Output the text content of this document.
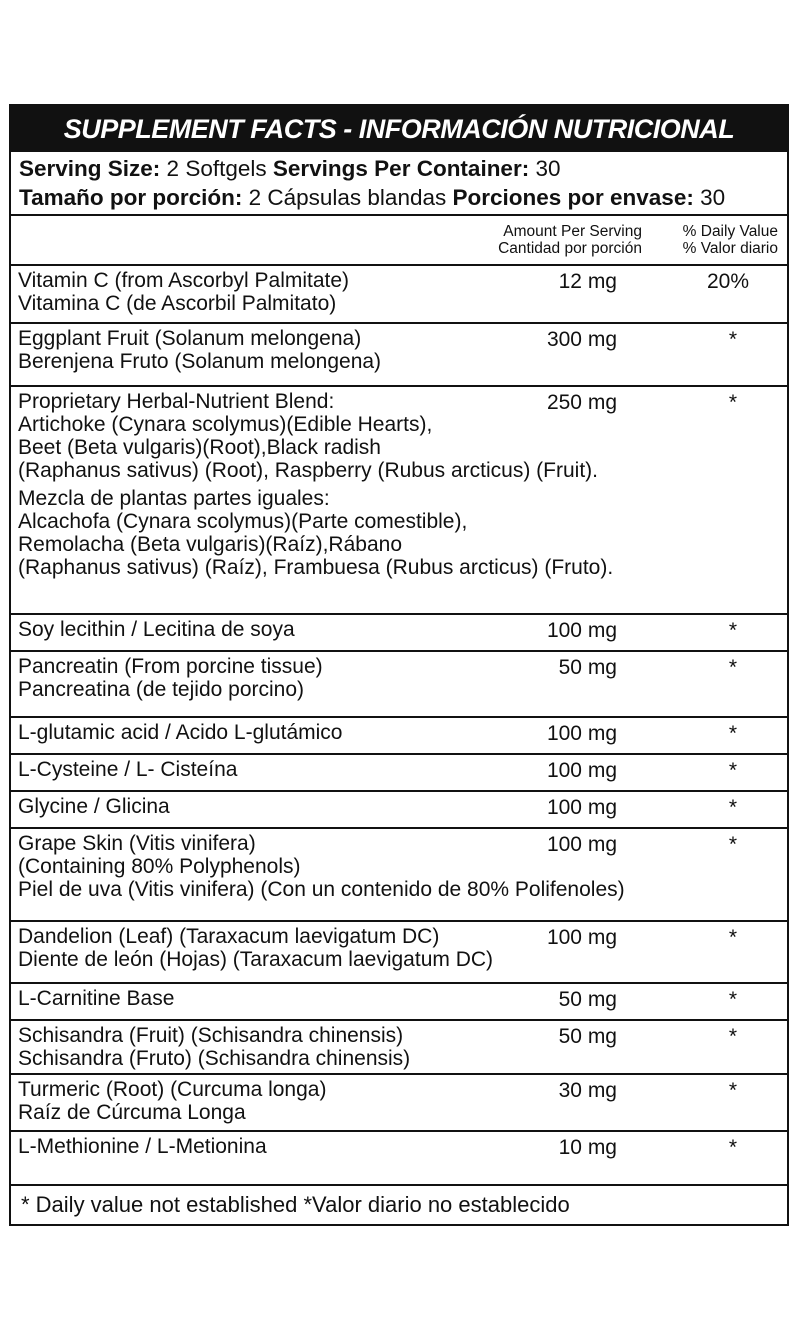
SUPPLEMENT FACTS - INFORMACIÓN NUTRICIONAL
Serving Size: 2 Softgels Servings Per Container: 30
Tamaño por porción: 2 Cápsulas blandas Porciones por envase: 30
Amount Per Serving
Cantidad por porción
% Daily Value
% Valor diario
Vitamin C (from Ascorbyl Palmitate)
Vitamina C (de Ascorbil Palmitato)
12 mg	20%
Eggplant Fruit (Solanum melongena)
Berenjena Fruto (Solanum melongena)
300 mg	*
Proprietary Herbal-Nutrient Blend:
Artichoke (Cynara scolymus)(Edible Hearts),
Beet (Beta vulgaris)(Root),Black radish
(Raphanus sativus) (Root), Raspberry (Rubus arcticus) (Fruit).
Mezcla de plantas partes iguales:
Alcachofa (Cynara scolymus)(Parte comestible),
Remolacha (Beta vulgaris)(Raíz),Rábano
(Raphanus sativus) (Raíz), Frambuesa (Rubus arcticus) (Fruto).
250 mg	*
Soy lecithin / Lecitina de soya	100 mg	*
Pancreatin (From porcine tissue)
Pancreatina (de tejido porcino)
50 mg	*
L-glutamic acid / Acido L-glutámico	100 mg	*
L-Cysteine / L- Cisteína	100 mg	*
Glycine / Glicina	100 mg	*
Grape Skin (Vitis vinifera)
(Containing 80% Polyphenols)
Piel de uva (Vitis vinifera) (Con un contenido de 80% Polifenoles)
100 mg	*
Dandelion (Leaf) (Taraxacum laevigatum DC)
Diente de león (Hojas) (Taraxacum laevigatum DC)
100 mg	*
L-Carnitine Base	50 mg	*
Schisandra (Fruit) (Schisandra chinensis)
Schisandra (Fruto) (Schisandra chinensis)
50 mg	*
Turmeric (Root) (Curcuma longa)
Raíz de Cúrcuma Longa
30 mg	*
L-Methionine / L-Metionina	10 mg	*
* Daily value not established *Valor diario no establecido
